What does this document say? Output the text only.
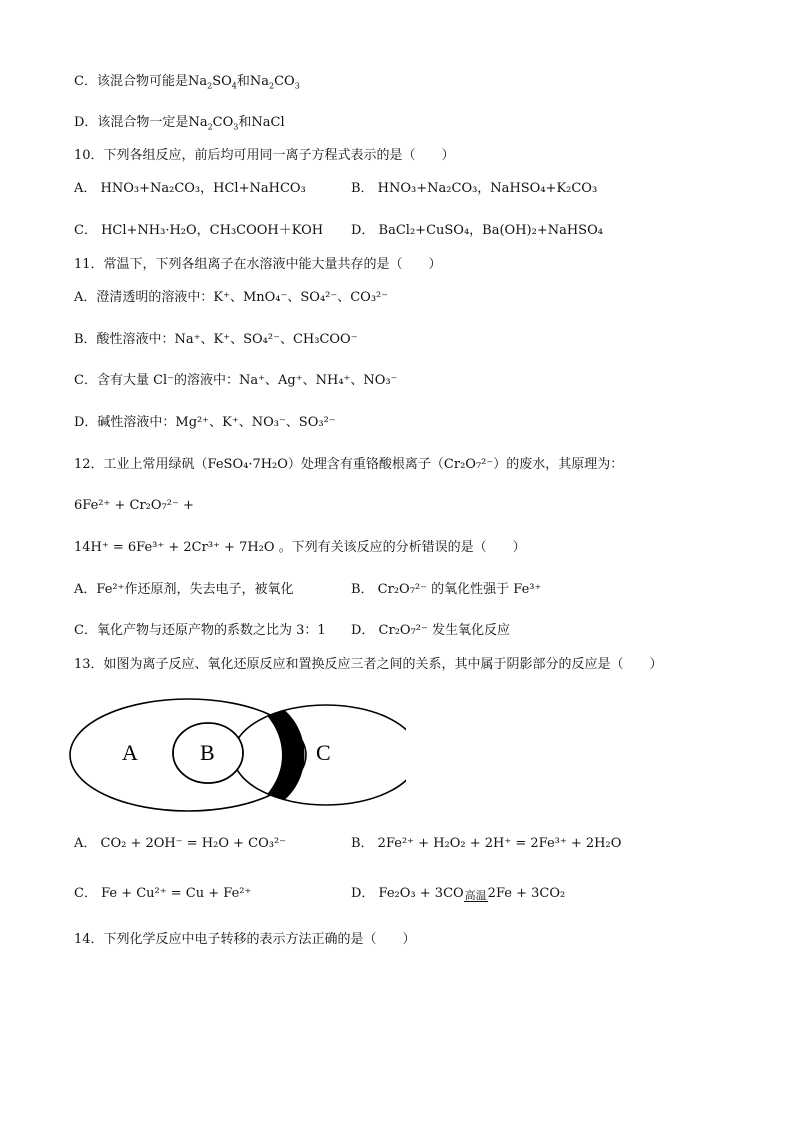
C．该混合物可能是$Na_2SO_4$和$Na_2CO_3$
D．该混合物一定是$Na_2CO_3$和NaCl
10．下列各组反应，前后均可用同一离子方程式表示的是（　　）
A． HNO₃+Na₂CO₃，HCl+NaHCO₃	B． HNO₃+Na₂CO₃，NaHSO₄+K₂CO₃
C． HCl+NH₃·H₂O，CH₃COOH＋KOH D． BaCl₂+CuSO₄，Ba(OH)₂+NaHSO₄
11．常温下，下列各组离子在水溶液中能大量共存的是（　　）
A．澄清透明的溶液中：K⁺、MnO₄⁻、SO₄²⁻、CO₃²⁻
B．酸性溶液中：Na⁺、K⁺、SO₄²⁻、CH₃COO⁻
C．含有大量 Cl⁻的溶液中：Na⁺、Ag⁺、NH₄⁺、NO₃⁻
D．碱性溶液中：Mg²⁺、K⁺、NO₃⁻、SO₃²⁻
12．工业上常用绿矾（FeSO₄·7H₂O）处理含有重铬酸根离子（Cr₂O₇²⁻）的废水，其原理为：
6Fe²⁺ + Cr₂O₇²⁻ +
14H⁺ = 6Fe³⁺ + 2Cr³⁺ + 7H₂O 。下列有关该反应的分析错误的是（　　）
A．Fe²⁺作还原剂，失去电子，被氧化	B． Cr₂O₇²⁻ 的氧化性强于 Fe³⁺
C．氧化产物与还原产物的系数之比为 3：1 D． Cr₂O₇²⁻ 发生氧化反应
13．如图为离子反应、氧化还原反应和置换反应三者之间的关系，其中属于阴影部分的反应是（　　）
A	B	C
A． CO₂ + 2OH⁻ = H₂O + CO₃²⁻	B． 2Fe²⁺ + H₂O₂ + 2H⁺ = 2Fe³⁺ + 2H₂O
C． Fe + Cu²⁺ = Cu + Fe²⁺	D． Fe₂O₃ + 3CO 高温 2Fe + 3CO₂
14．下列化学反应中电子转移的表示方法正确的是（　　）
